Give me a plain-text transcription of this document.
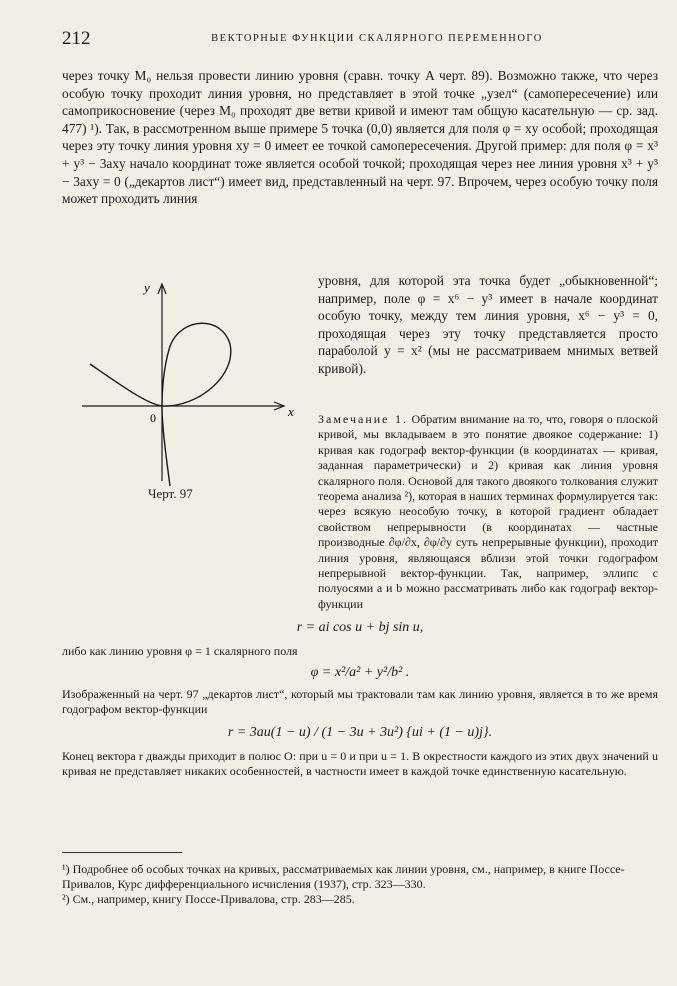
212	ВЕКТОРНЫЕ ФУНКЦИИ СКАЛЯРНОГО ПЕРЕМЕННОГО

через точку M₀ нельзя провести линию уровня (сравн. точку A черт. 89). Возможно также, что через особую точку проходит линия уровня, но представляет в этой точке „узел“ (самопересечение) или самоприкосновение (через M₀ проходят две ветви кривой и имеют там общую касательную — ср. зад. 477) ¹). Так, в рассмотренном выше примере 5 точка (0,0) является для поля φ = xy особой; проходящая через эту точку линия уровня xy = 0 имеет ее точкой самопересечения. Другой пример: для поля φ = x³ + y³ − 3axy начало координат тоже является особой точкой; проходящая через нее линия уровня x³ + y³ − 3axy = 0 („декартов лист“) имеет вид, представленный на черт. 97. Впрочем, через особую точку поля может проходить линия

y
x
0
Черт. 97

уровня, для которой эта точка будет „обыкновенной“; например, поле φ = x⁶ − y³ имеет в начале координат особую точку, между тем линия уровня, x⁶ − y³ = 0, проходящая через эту точку представляется просто параболой y = x² (мы не рассматриваем мнимых ветвей кривой).

Замечание 1. Обратим внимание на то, что, говоря о плоской кривой, мы вкладываем в это понятие двоякое содержание: 1) кривая как годограф вектор-функции (в координатах — кривая, заданная параметрически) и 2) кривая как линия уровня скалярного поля. Основой для такого двоякого толкования служит теорема анализа ²), которая в наших терминах формулируется так: через всякую неособую точку, в которой градиент обладает свойством непрерывности (в координатах — частные производные ∂φ/∂x, ∂φ/∂y суть непрерывные функции), проходит линия уровня, являющаяся вблизи этой точки годографом непрерывной вектор-функции. Так, например, эллипс с полуосями a и b можно рассматривать либо как годограф вектор-функции

r = ai cos u + bj sin u,

либо как линию уровня φ = 1 скалярного поля

φ = x²/a² + y²/b² .

Изображенный на черт. 97 „декартов лист“, который мы трактовали там как линию уровня, является в то же время годографом вектор-функции

r = 3au(1 − u) / (1 − 3u + 3u²) {ui + (1 − u)j}.

Конец вектора r дважды приходит в полюс O: при u = 0 и при u = 1. В окрестности каждого из этих двух значений u кривая не представляет никаких особенностей, в частности имеет в каждой точке единственную касательную.

¹) Подробнее об особых точках на кривых, рассматриваемых как линии уровня, см., например, в книге Поссе-Привалов, Курс дифференциального исчисления (1937), стр. 323—330.
²) См., например, книгу Поссе-Привалова, стр. 283—285.
